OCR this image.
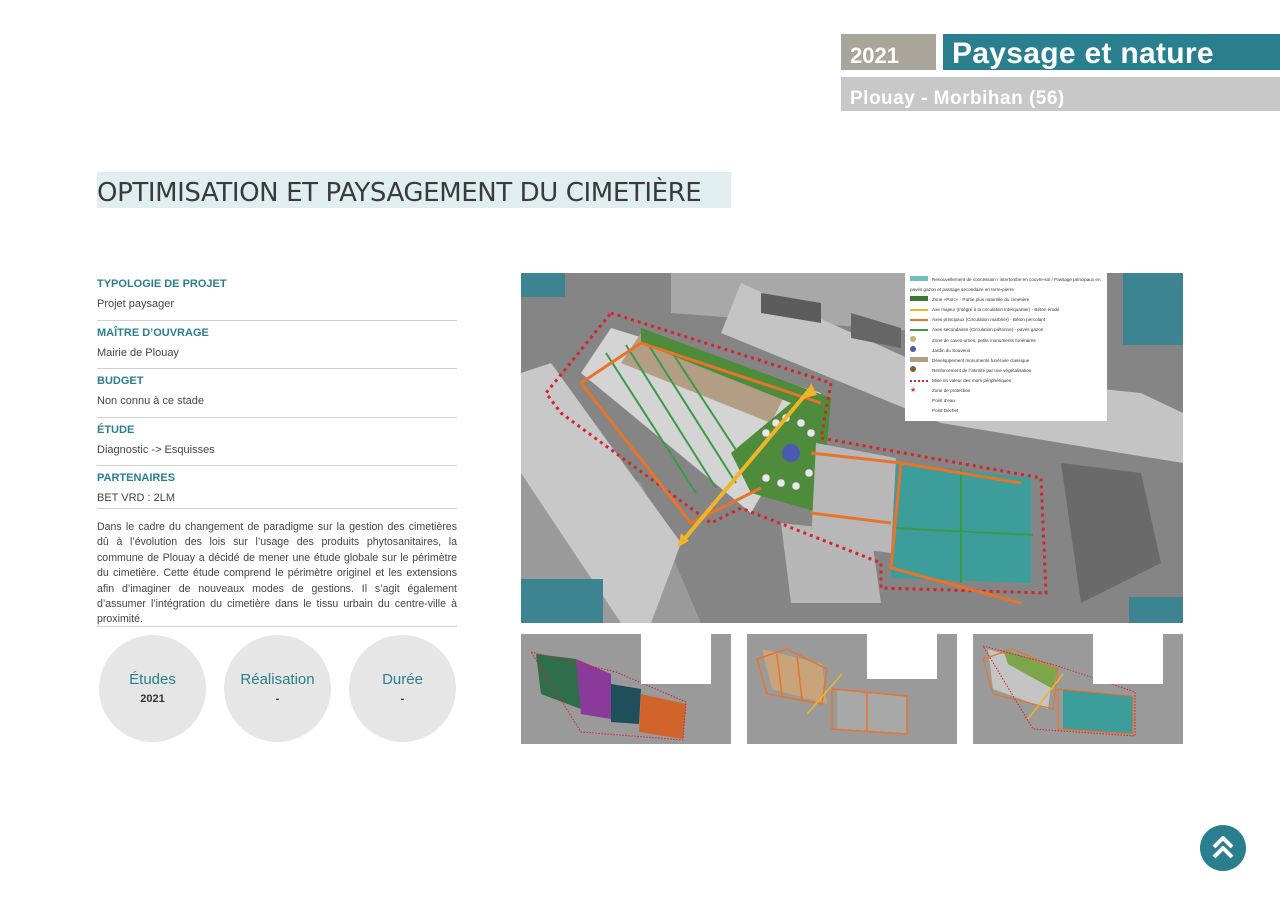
2021	Paysage et nature
Plouay - Morbihan (56)
OPTIMISATION ET PAYSAGEMENT DU CIMETIÈRE
TYPOLOGIE DE PROJET
Projet paysager
MAÎTRE D’OUVRAGE
Mairie de Plouay
BUDGET
Non connu à ce stade
ÉTUDE
Diagnostic -> Esquisses
PARTENAIRES
BET VRD : 2LM
Dans le cadre du changement de paradigme sur la gestion des cimetières dû à l’évolution des lois sur l’usage des produits phytosanitaires, la commune de Plouay a décidé de mener une étude globale sur le périmètre du cimetière. Cette étude comprend le périmètre originel et les extensions afin d’imaginer de nouveaux modes de gestions. Il s’agit également d’assumer l’intégration du cimetière dans le tissu urbain du centre-ville à proximité.
Études
2021
Réalisation
-
Durée
-
Renouvellement de concession / intertombe en couvre-sol / Passage principaux en pavés gazon et passage secondaire en terre-pierre
Zone «Parc» - Partie plus naturelle du cimetière
Axe majeur (Intégré à la circulation interquartier) - Béton érodé
Axes principaux (Circulation marbrier) - Béton percolant
Axes secondaires (Circulation piétonne) - pavés gazon
Zone de caves-urnes, petits monuments funéraires
Jardin du Souvenir
Développement monuments funéraire classique
Renforcement de l’intimité par une végétalisation
Mise en valeur des murs périphériques
★	Zone de protection
Point d’eau
Point Déchet
